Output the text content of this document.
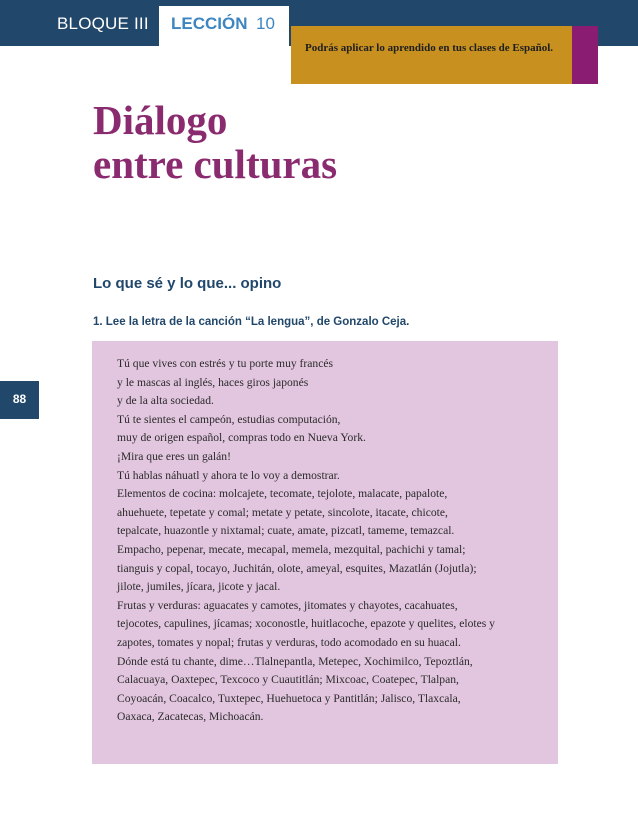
BLOQUE III LECCIÓN 10
Podrás aplicar lo aprendido en tus clases de Español.
Diálogo
entre culturas
Lo que sé y lo que... opino
1. Lee la letra de la canción “La lengua”, de Gonzalo Ceja.
88
Tú que vives con estrés y tu porte muy francés
y le mascas al inglés, haces giros japonés
y de la alta sociedad.
Tú te sientes el campeón, estudias computación,
muy de origen español, compras todo en Nueva York.
¡Mira que eres un galán!
Tú hablas náhuatl y ahora te lo voy a demostrar.
Elementos de cocina: molcajete, tecomate, tejolote, malacate, papalote,
ahuehuete, tepetate y comal; metate y petate, sincolote, itacate, chicote,
tepalcate, huazontle y nixtamal; cuate, amate, pizcatl, tameme, temazcal.
Empacho, pepenar, mecate, mecapal, memela, mezquital, pachichi y tamal;
tianguis y copal, tocayo, Juchitán, olote, ameyal, esquites, Mazatlán (Jojutla);
jilote, jumiles, jícara, jicote y jacal.
Frutas y verduras: aguacates y camotes, jitomates y chayotes, cacahuates,
tejocotes, capulines, jícamas; xoconostle, huitlacoche, epazote y quelites, elotes y
zapotes, tomates y nopal; frutas y verduras, todo acomodado en su huacal.
Dónde está tu chante, dime…Tlalnepantla, Metepec, Xochimilco, Tepoztlán,
Calacuaya, Oaxtepec, Texcoco y Cuautitlán; Mixcoac, Coatepec, Tlalpan,
Coyoacán, Coacalco, Tuxtepec, Huehuetoca y Pantitlán; Jalisco, Tlaxcala,
Oaxaca, Zacatecas, Michoacán.
